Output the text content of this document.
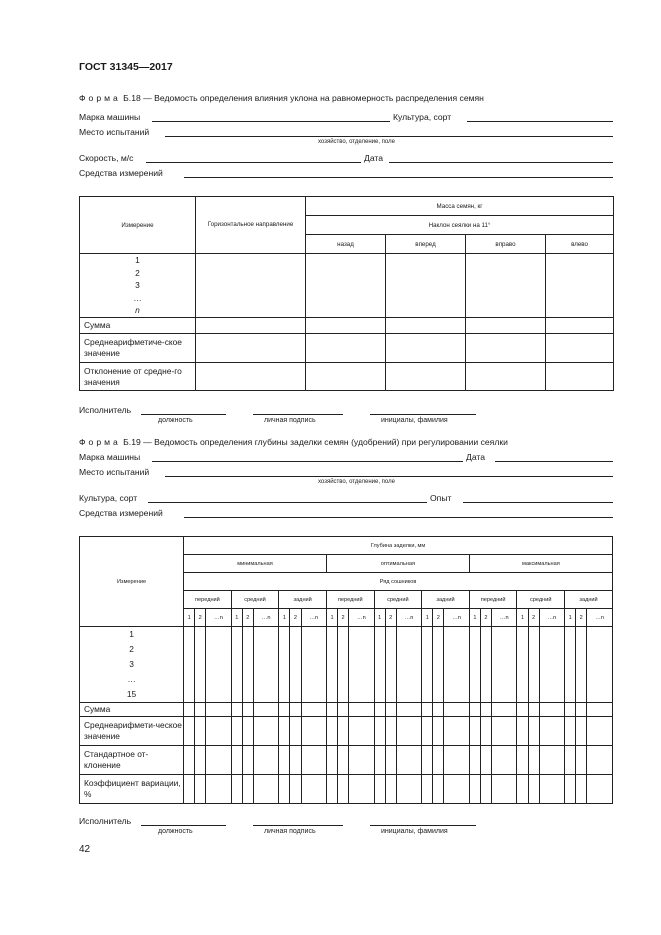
ГОСТ 31345—2017
Форма Б.18 — Ведомость определения влияния уклона на равномерность распределения семян
Марка машины	Культура, сорт
Место испытаний
хозяйство, отделение, поле
Скорость, м/с	Дата
Средства измерений
Измерение	Горизонтальное направление	Масса семян, кг			
		Наклон сеялки на 11°			
		назад	вперед	вправо	влево

1
2
3
…
n					

Сумма					
Среднеарифметиче-ское значение					
Отклонение от средне-го значения					
Исполнитель
должность	личная подпись	инициалы, фамилия
Форма Б.19 — Ведомость определения глубины заделки семян (удобрений) при регулировании сеялки
Марка машины	Дата
Место испытаний
хозяйство, отделение, поле
Культура, сорт	Опыт
Средства измерений
Измерение	Глубина заделки, мм																										
	минимальная									оптимальная									максимальная								
	Ряд сошников																										
	передний			средний			задний			передний			средний			задний			передний			средний			задний		
	1	2	…n	1	2	…n	1	2	…n	1	2	…n	1	2	…n	1	2	…n	1	2	…n	1	2	…n	1	2	…n

1
2
3
…
15																											

Сумма																											
Среднеарифмети-ческое значение																											
Стандартное от-клонение																											
Коэффициент вариации, %																											
Исполнитель
должность	личная подпись	инициалы, фамилия
42
